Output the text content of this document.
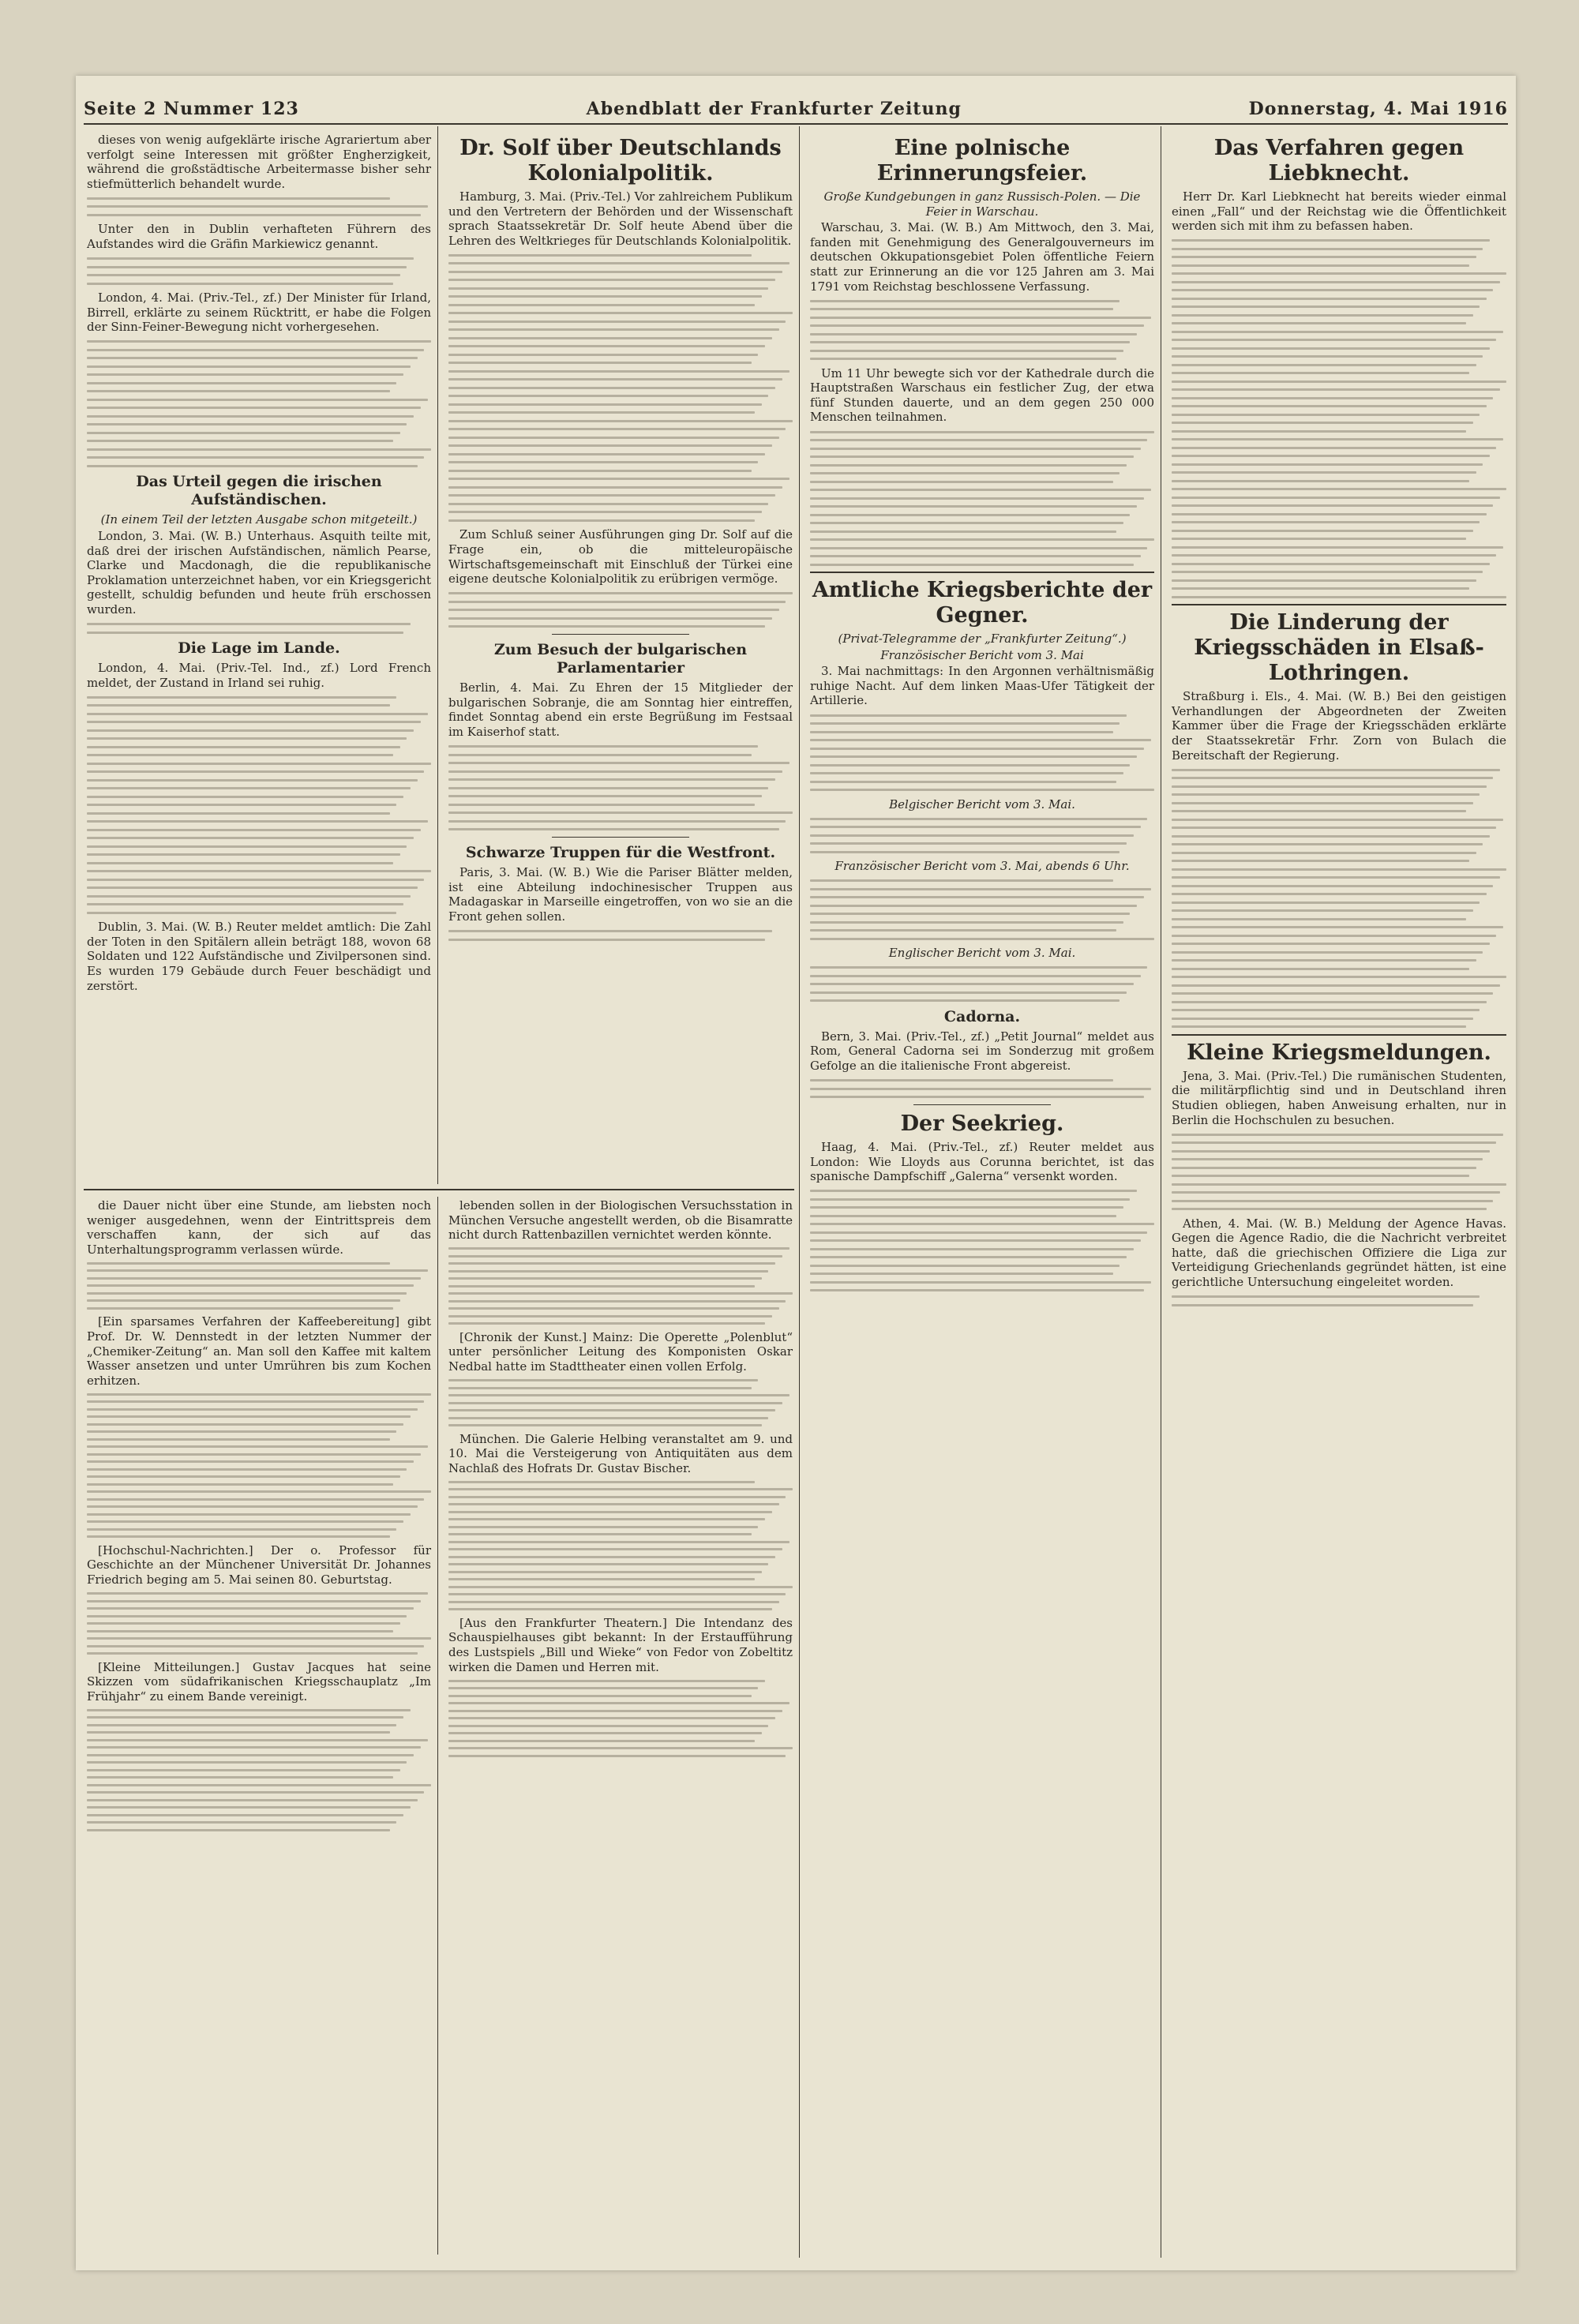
Seite 2 Nummer 123	Abendblatt der Frankfurter Zeitung	Donnerstag, 4. Mai 1916

dieses von wenig aufgeklärte irische Agrariertum aber verfolgt seine Interessen mit größter Engherzigkeit, während die großstädtische Arbeitermasse bisher sehr stiefmütterlich behandelt wurde.

Unter den in Dublin verhafteten Führern des Aufstandes wird die Gräfin Markiewicz genannt.

London, 4. Mai. (Priv.-Tel., zf.) Der Minister für Irland, Birrell, erklärte zu seinem Rücktritt, er habe die Folgen der Sinn-Feiner-Bewegung nicht vorhergesehen.

Das Urteil gegen die irischen Aufständischen.

(In einem Teil der letzten Ausgabe schon mitgeteilt.)

London, 3. Mai. (W. B.) Unterhaus. Asquith teilte mit, daß drei der irischen Aufständischen, nämlich Pearse, Clarke und Macdonagh, die die republikanische Proklamation unterzeichnet haben, vor ein Kriegsgericht gestellt, schuldig befunden und heute früh erschossen wurden.

Die Lage im Lande.

London, 4. Mai. (Priv.-Tel. Ind., zf.) Lord French meldet, der Zustand in Irland sei ruhig.

Dublin, 3. Mai. (W. B.) Reuter meldet amtlich: Die Zahl der Toten in den Spitälern allein beträgt 188, wovon 68 Soldaten und 122 Aufständische und Zivilpersonen sind. Es wurden 179 Gebäude durch Feuer beschädigt und zerstört.

Dr. Solf über Deutschlands Kolonialpolitik.

Hamburg, 3. Mai. (Priv.-Tel.) Vor zahlreichem Publikum und den Vertretern der Behörden und der Wissenschaft sprach Staatssekretär Dr. Solf heute Abend über die Lehren des Weltkrieges für Deutschlands Kolonialpolitik.

Zum Schluß seiner Ausführungen ging Dr. Solf auf die Frage ein, ob die mitteleuropäische Wirtschaftsgemeinschaft mit Einschluß der Türkei eine eigene deutsche Kolonialpolitik zu erübrigen vermöge.

Zum Besuch der bulgarischen Parlamentarier

Berlin, 4. Mai. Zu Ehren der 15 Mitglieder der bulgarischen Sobranje, die am Sonntag hier eintreffen, findet Sonntag abend ein erste Begrüßung im Festsaal im Kaiserhof statt.

Schwarze Truppen für die Westfront.

Paris, 3. Mai. (W. B.) Wie die Pariser Blätter melden, ist eine Abteilung indochinesischer Truppen aus Madagaskar in Marseille eingetroffen, von wo sie an die Front gehen sollen.

Eine polnische Erinnerungsfeier.

Große Kundgebungen in ganz Russisch-Polen. — Die Feier in Warschau.

Warschau, 3. Mai. (W. B.) Am Mittwoch, den 3. Mai, fanden mit Genehmigung des Generalgouverneurs im deutschen Okkupationsgebiet Polen öffentliche Feiern statt zur Erinnerung an die vor 125 Jahren am 3. Mai 1791 vom Reichstag beschlossene Verfassung.

Um 11 Uhr bewegte sich vor der Kathedrale durch die Hauptstraßen Warschaus ein festlicher Zug, der etwa fünf Stunden dauerte, und an dem gegen 250 000 Menschen teilnahmen.

Amtliche Kriegsberichte der Gegner.

(Privat-Telegramme der „Frankfurter Zeitung“.)

Französischer Bericht vom 3. Mai

3. Mai nachmittags: In den Argonnen verhältnismäßig ruhige Nacht. Auf dem linken Maas-Ufer Tätigkeit der Artillerie.

Belgischer Bericht vom 3. Mai.

Französischer Bericht vom 3. Mai, abends 6 Uhr.

Englischer Bericht vom 3. Mai.

Cadorna.

Bern, 3. Mai. (Priv.-Tel., zf.) „Petit Journal“ meldet aus Rom, General Cadorna sei im Sonderzug mit großem Gefolge an die italienische Front abgereist.

Der Seekrieg.

Haag, 4. Mai. (Priv.-Tel., zf.) Reuter meldet aus London: Wie Lloyds aus Corunna berichtet, ist das spanische Dampfschiff „Galerna“ versenkt worden.

Das Verfahren gegen Liebknecht.

Herr Dr. Karl Liebknecht hat bereits wieder einmal einen „Fall“ und der Reichstag wie die Öffentlichkeit werden sich mit ihm zu befassen haben.

Die Linderung der Kriegsschäden in Elsaß-Lothringen.

Straßburg i. Els., 4. Mai. (W. B.) Bei den geistigen Verhandlungen der Abgeordneten der Zweiten Kammer über die Frage der Kriegsschäden erklärte der Staatssekretär Frhr. Zorn von Bulach die Bereitschaft der Regierung.

Kleine Kriegsmeldungen.

Jena, 3. Mai. (Priv.-Tel.) Die rumänischen Studenten, die militärpflichtig sind und in Deutschland ihren Studien obliegen, haben Anweisung erhalten, nur in Berlin die Hochschulen zu besuchen.

Athen, 4. Mai. (W. B.) Meldung der Agence Havas. Gegen die Agence Radio, die die Nachricht verbreitet hatte, daß die griechischen Offiziere die Liga zur Verteidigung Griechenlands gegründet hätten, ist eine gerichtliche Untersuchung eingeleitet worden.

die Dauer nicht über eine Stunde, am liebsten noch weniger ausgedehnen, wenn der Eintrittspreis dem verschaffen kann, der sich auf das Unterhaltungsprogramm verlassen würde.

[Ein sparsames Verfahren der Kaffeebereitung] gibt Prof. Dr. W. Dennstedt in der letzten Nummer der „Chemiker-Zeitung“ an. Man soll den Kaffee mit kaltem Wasser ansetzen und unter Umrühren bis zum Kochen erhitzen.

[Hochschul-Nachrichten.] Der o. Professor für Geschichte an der Münchener Universität Dr. Johannes Friedrich beging am 5. Mai seinen 80. Geburtstag.

[Kleine Mitteilungen.] Gustav Jacques hat seine Skizzen vom südafrikanischen Kriegsschauplatz „Im Frühjahr“ zu einem Bande vereinigt.

lebenden sollen in der Biologischen Versuchsstation in München Versuche angestellt werden, ob die Bisamratte nicht durch Rattenbazillen vernichtet werden könnte.

[Chronik der Kunst.] Mainz: Die Operette „Polenblut“ unter persönlicher Leitung des Komponisten Oskar Nedbal hatte im Stadttheater einen vollen Erfolg.

München. Die Galerie Helbing veranstaltet am 9. und 10. Mai die Versteigerung von Antiquitäten aus dem Nachlaß des Hofrats Dr. Gustav Bischer.

[Aus den Frankfurter Theatern.] Die Intendanz des Schauspielhauses gibt bekannt: In der Erstaufführung des Lustspiels „Bill und Wieke“ von Fedor von Zobeltitz wirken die Damen und Herren mit.
